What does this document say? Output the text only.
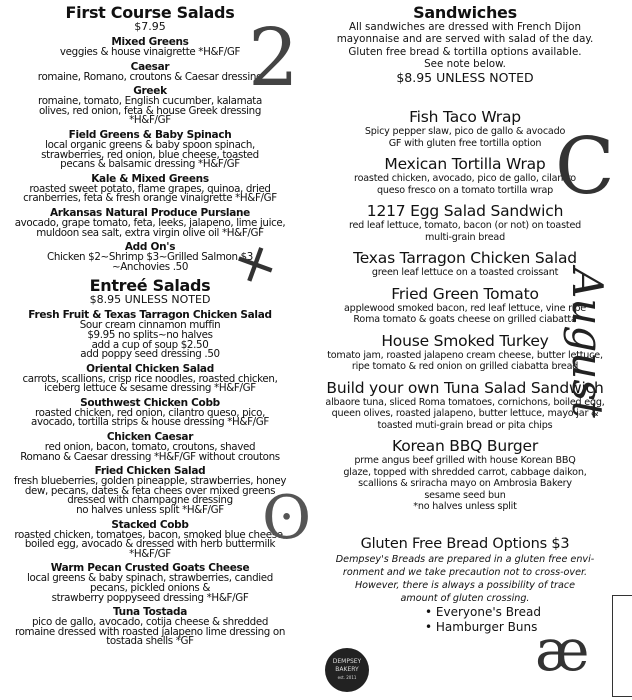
First Course Salads
$7.95
Mixed Greens
veggies & house vinaigrette *H&F/GF
Caesar
romaine, Romano, croutons & Caesar dressing
Greek
romaine, tomato, English cucumber, kalamata
olives, red onion, feta & house Greek dressing
*H&F/GF
Field Greens & Baby Spinach
local organic greens & baby spoon spinach,
strawberries, red onion, blue cheese, toasted
pecans & balsamic dressing *H&F/GF
Kale & Mixed Greens
roasted sweet potato, flame grapes, quinoa, dried
cranberries, feta & fresh orange vinaigrette *H&F/GF
Arkansas Natural Produce Purslane
avocado, grape tomato, feta, leeks, jalapeno, lime juice,
muldoon sea salt, extra virgin olive oil *H&F/GF
Add On's
Chicken $2~Shrimp $3~Grilled Salmon $3
~Anchovies .50
Entreé Salads
$8.95 UNLESS NOTED
Fresh Fruit & Texas Tarragon Chicken Salad
Sour cream cinnamon muffin
$9.95 no splits~no halves
add a cup of soup $2.50
add poppy seed dressing .50
Oriental Chicken Salad
carrots, scallions, crisp rice noodles, roasted chicken,
iceberg lettuce & sesame dressing *H&F/GF
Southwest Chicken Cobb
roasted chicken, red onion, cilantro queso, pico,
avocado, tortilla strips & house dressing *H&F/GF
Chicken Caesar
red onion, bacon, tomato, croutons, shaved
Romano & Caesar dressing *H&F/GF without croutons
Fried Chicken Salad
fresh blueberries, golden pineapple, strawberries, honey
dew, pecans, dates & feta chees over mixed greens
dressed with champagne dressing
no halves unless split *H&F/GF
Stacked Cobb
roasted chicken, tomatoes, bacon, smoked blue cheese,
boiled egg, avocado & dressed with herb buttermilk
*H&F/GF
Warm Pecan Crusted Goats Cheese
local greens & baby spinach, strawberries, candied
pecans, pickled onions &
strawberry poppyseed dressing *H&F/GF
Tuna Tostada
pico de gallo, avocado, cotija cheese & shredded
romaine dressed with roasted jalapeno lime dressing on
tostada shells *GF
Sandwiches
All sandwiches are dressed with French Dijon
mayonnaise and are served with salad of the day.
Gluten free bread & tortilla options available.
See note below.
$8.95 UNLESS NOTED
Fish Taco Wrap
Spicy pepper slaw, pico de gallo & avocado
GF with gluten free tortilla option
Mexican Tortilla Wrap
roasted chicken, avocado, pico de gallo, cilantro
queso fresco on a tomato tortilla wrap
1217 Egg Salad Sandwich
red leaf lettuce, tomato, bacon (or not) on toasted
multi-grain bread
Texas Tarragon Chicken Salad
green leaf lettuce on a toasted croissant
Fried Green Tomato
applewood smoked bacon, red leaf lettuce, vine ripe
Roma tomato & goats cheese on grilled ciabatta
House Smoked Turkey
tomato jam, roasted jalapeno cream cheese, butter lettuce,
ripe tomato & red onion on grilled ciabatta bread
Build your own Tuna Salad Sandwich
albaore tuna, sliced Roma tomatoes, cornichons, boiled egg,
queen olives, roasted jalapeno, butter lettuce, mayo jar &
toasted muti-grain bread or pita chips
Korean BBQ Burger
prme angus beef grilled with house Korean BBQ
glaze, topped with shredded carrot, cabbage daikon,
scallions & sriracha mayo on Ambrosia Bakery
sesame seed bun
*no halves unless split
Gluten Free Bread Options $3
Dempsey's Breads are prepared in a gluten free envi-
ronment and we take precaution not to cross-over.
However, there is always a possibility of trace
amount of gluten crossing.
• Everyone's Bread
• Hamburger Buns
2
+
ʘ
C
August
æ
DEMPSEY
BAKERY
est. 2011
